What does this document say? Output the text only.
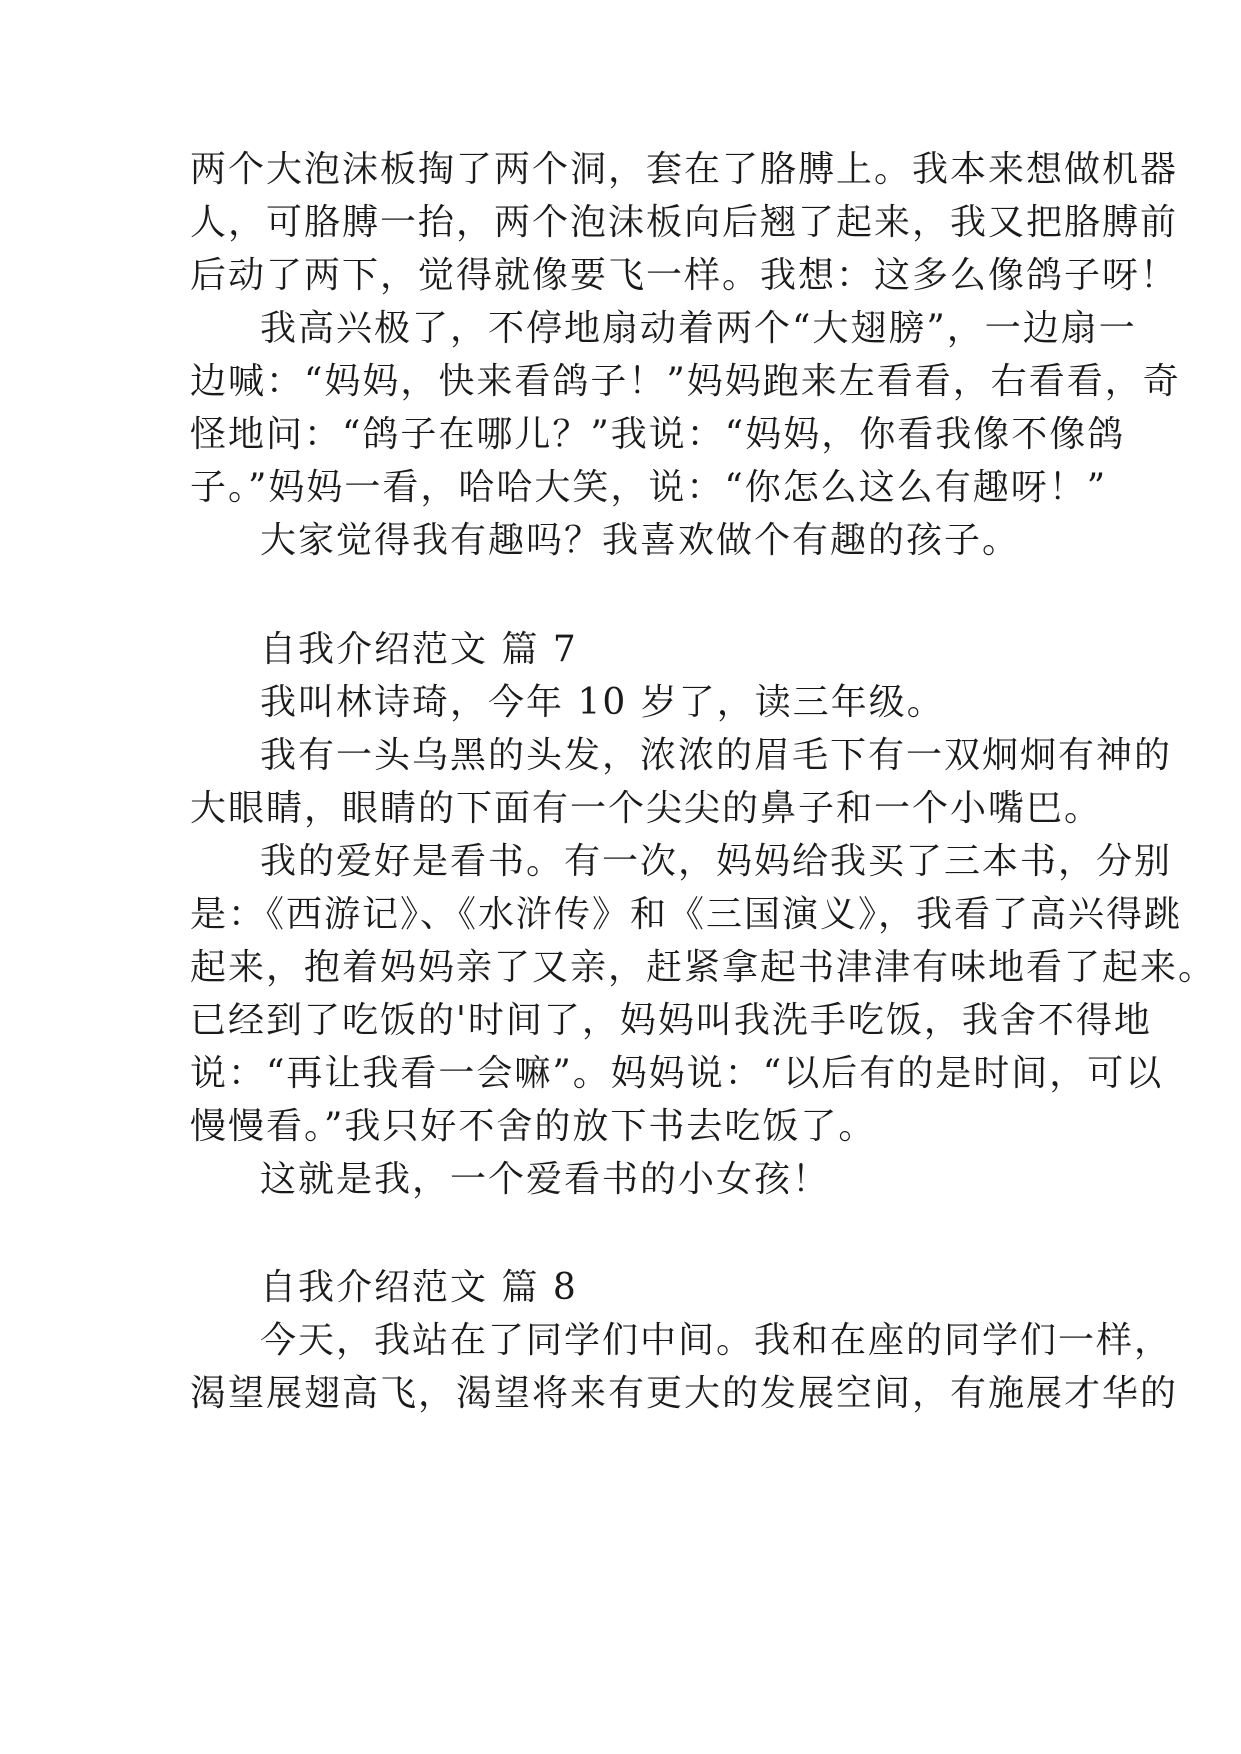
两个大泡沫板掏了两个洞，套在了胳膊上。我本来想做机器
人，可胳膊一抬，两个泡沫板向后翘了起来，我又把胳膊前
后动了两下，觉得就像要飞一样。我想：这多么像鸽子呀！
我高兴极了，不停地扇动着两个“大翅膀”，一边扇一
边喊：“妈妈，快来看鸽子！”妈妈跑来左看看，右看看，奇
怪地问：“鸽子在哪儿？”我说：“妈妈，你看我像不像鸽
子。”妈妈一看，哈哈大笑，说：“你怎么这么有趣呀！”
大家觉得我有趣吗？我喜欢做个有趣的孩子。
自我介绍范文 篇 7
我叫林诗琦，今年 10 岁了，读三年级。
我有一头乌黑的头发，浓浓的眉毛下有一双炯炯有神的
大眼睛，眼睛的下面有一个尖尖的鼻子和一个小嘴巴。
我的爱好是看书。有一次，妈妈给我买了三本书，分别
是：《西游记》、《水浒传》和《三国演义》，我看了高兴得跳
起来，抱着妈妈亲了又亲，赶紧拿起书津津有味地看了起来。
已经到了吃饭的'时间了，妈妈叫我洗手吃饭，我舍不得地
说：“再让我看一会嘛”。妈妈说：“以后有的是时间，可以
慢慢看。”我只好不舍的放下书去吃饭了。
这就是我，一个爱看书的小女孩！
自我介绍范文 篇 8
今天，我站在了同学们中间。我和在座的同学们一样，
渴望展翅高飞，渴望将来有更大的发展空间，有施展才华的
